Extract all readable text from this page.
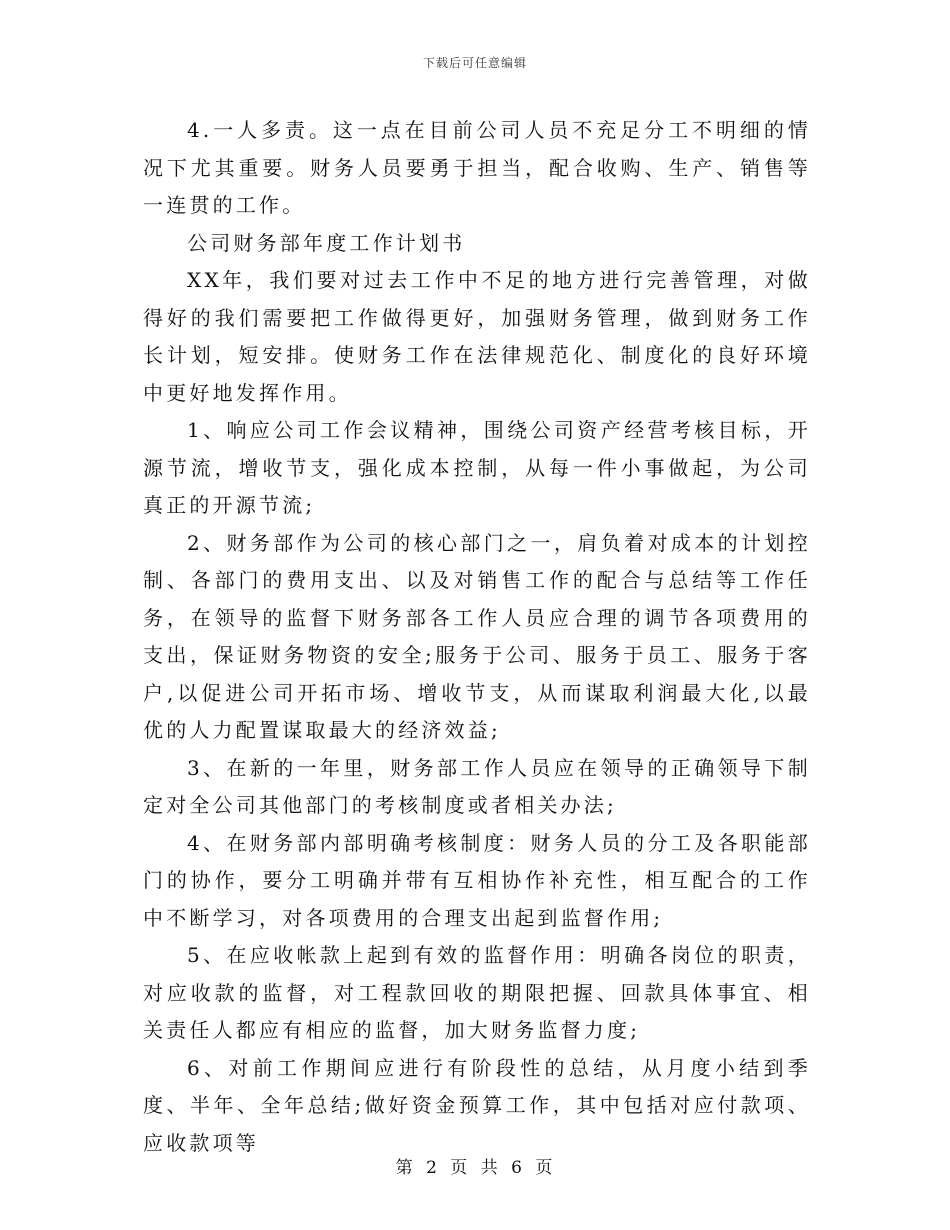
下载后可任意编辑

4.一人多责。这一点在目前公司人员不充足分工不明细的情况下尤其重要。财务人员要勇于担当，配合收购、生产、销售等一连贯的工作。

公司财务部年度工作计划书

XX年，我们要对过去工作中不足的地方进行完善管理，对做得好的我们需要把工作做得更好，加强财务管理，做到财务工作长计划，短安排。使财务工作在法律规范化、制度化的良好环境中更好地发挥作用。

1、响应公司工作会议精神，围绕公司资产经营考核目标，开源节流，增收节支，强化成本控制，从每一件小事做起，为公司真正的开源节流;

2、财务部作为公司的核心部门之一，肩负着对成本的计划控制、各部门的费用支出、以及对销售工作的配合与总结等工作任务，在领导的监督下财务部各工作人员应合理的调节各项费用的支出，保证财务物资的安全;服务于公司、服务于员工、服务于客户,以促进公司开拓市场、增收节支，从而谋取利润最大化,以最优的人力配置谋取最大的经济效益;

3、在新的一年里，财务部工作人员应在领导的正确领导下制定对全公司其他部门的考核制度或者相关办法;

4、在财务部内部明确考核制度：财务人员的分工及各职能部门的协作，要分工明确并带有互相协作补充性，相互配合的工作中不断学习，对各项费用的合理支出起到监督作用;

5、在应收帐款上起到有效的监督作用：明确各岗位的职责，对应收款的监督，对工程款回收的期限把握、回款具体事宜、相关责任人都应有相应的监督，加大财务监督力度;

6、对前工作期间应进行有阶段性的总结，从月度小结到季度、半年、全年总结;做好资金预算工作，其中包括对应付款项、应收款项等

第 2 页 共 6 页
